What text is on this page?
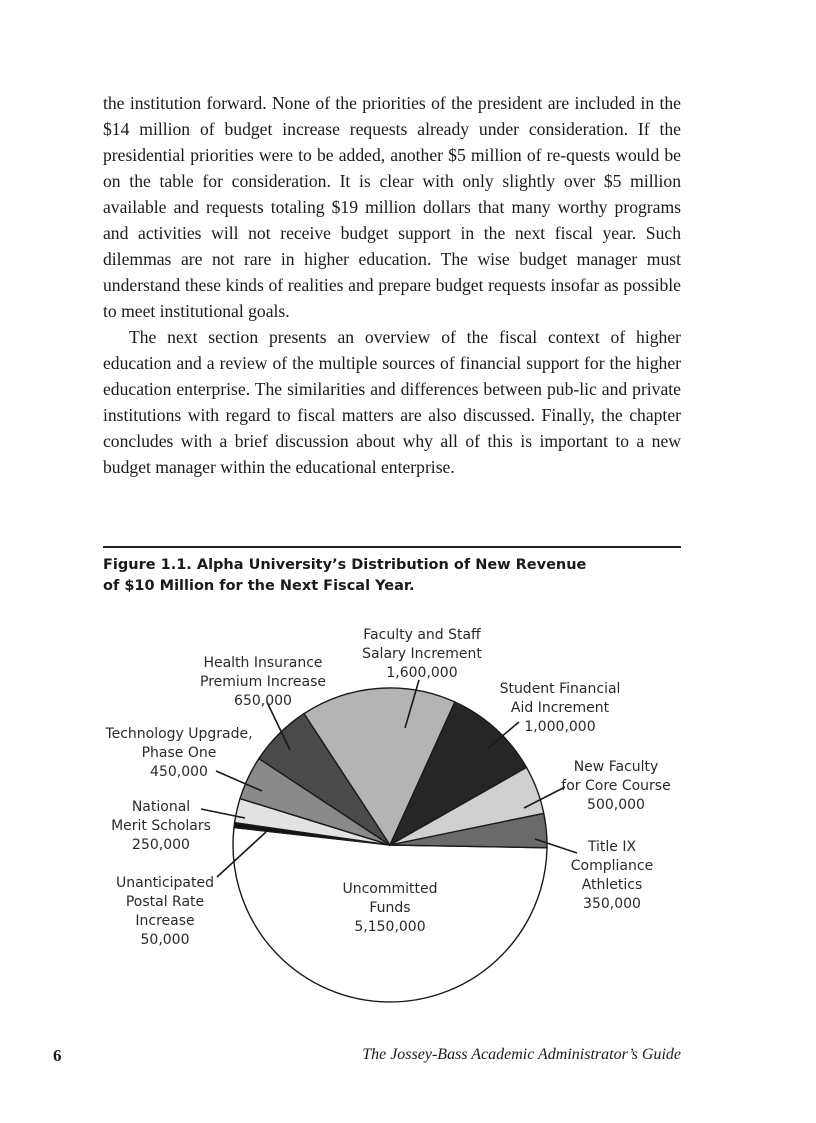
the institution forward. None of the priorities of the president are included in the $14 million of budget increase requests already under consideration. If the presidential priorities were to be added, another $5 million of re-quests would be on the table for consideration. It is clear with only slightly over $5 million available and requests totaling $19 million dollars that many worthy programs and activities will not receive budget support in the next fiscal year. Such dilemmas are not rare in higher education. The wise budget manager must understand these kinds of realities and prepare budget requests insofar as possible to meet institutional goals.

The next section presents an overview of the fiscal context of higher education and a review of the multiple sources of financial support for the higher education enterprise. The similarities and differences between pub-lic and private institutions with regard to fiscal matters are also discussed. Finally, the chapter concludes with a brief discussion about why all of this is important to a new budget manager within the educational enterprise.

Figure 1.1. Alpha University’s Distribution of New Revenue
of $10 Million for the Next Fiscal Year.
Uncommitted Funds 5,150,000
Unanticipated Postal Rate Increase 50,000
National Merit Scholars 250,000
Technology Upgrade, Phase One 450,000
Health Insurance Premium Increase 650,000
Faculty and Staff Salary Increment 1,600,000
Student Financial Aid Increment 1,000,000
New Faculty for Core Course 500,000
Title IX Compliance Athletics 350,000
6	The Jossey-Bass Academic Administrator’s Guide
